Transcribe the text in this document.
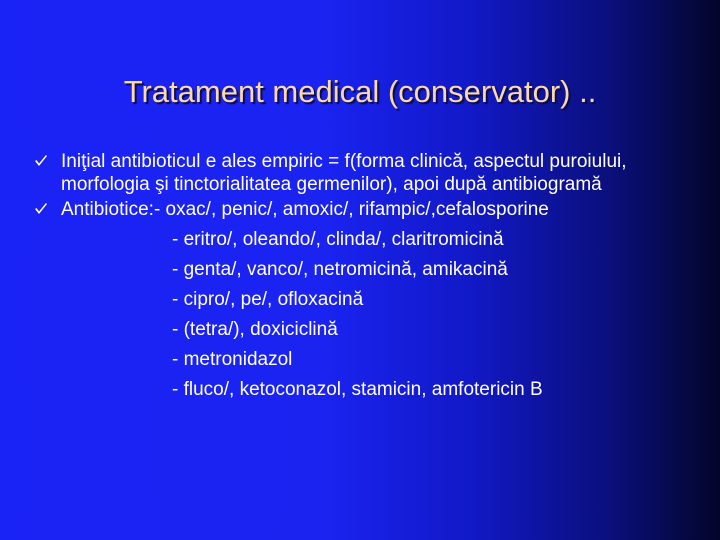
Tratament medical (conservator) ..
Iniţial antibioticul e ales empiric = f(forma clinică, aspectul puroiului, morfologia şi tinctorialitatea germenilor), apoi după antibiogramă
Antibiotice:- oxac/, penic/, amoxic/, rifampic/,cefalosporine
- eritro/, oleando/, clinda/, claritromicină
- genta/, vanco/, netromicină, amikacină
- cipro/, pe/, ofloxacină
- (tetra/), doxiciclină
- metronidazol
- fluco/, ketoconazol, stamicin, amfotericin B
